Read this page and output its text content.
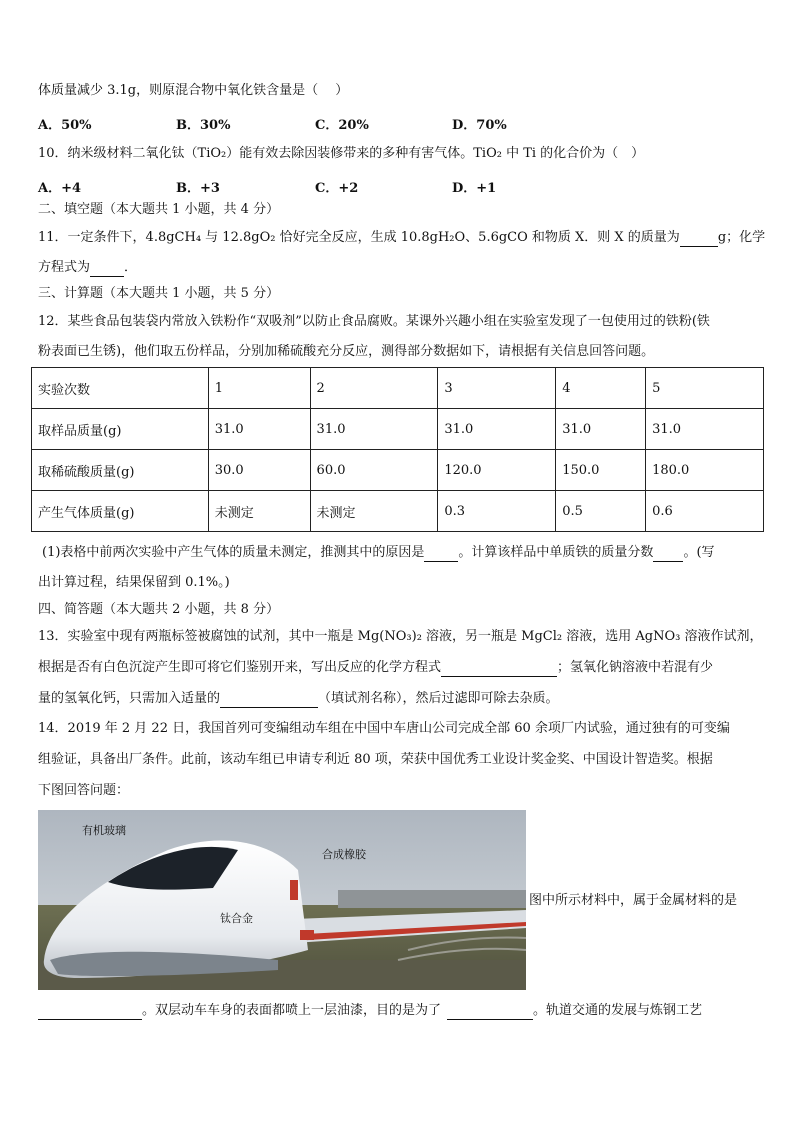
体质量减少 3.1g，则原混合物中氧化铁含量是（　 ）
A．50%	B．30%	C．20%	D．70%
10．纳米级材料二氧化钛（TiO₂）能有效去除因装修带来的多种有害气体。TiO₂ 中 Ti 的化合价为（　）
A．+4	B．+3	C．+2	D．+1
二、填空题（本大题共 1 小题，共 4 分）
11．一定条件下，4.8gCH₄ 与 12.8gO₂ 恰好完全反应，生成 10.8gH₂O、5.6gCO 和物质 X．则 X 的质量为	g；化学
方程式为	．
三、计算题（本大题共 1 小题，共 5 分）
12．某些食品包装袋内常放入铁粉作“双吸剂”以防止食品腐败。某课外兴趣小组在实验室发现了一包使用过的铁粉(铁
粉表面已生锈)，他们取五份样品，分别加稀硫酸充分反应，测得部分数据如下，请根据有关信息回答问题。
实验次数	1	2	3	4	5
取样品质量(g)	31.0	31.0	31.0	31.0	31.0
取稀硫酸质量(g)	30.0	60.0	120.0	150.0	180.0
产生气体质量(g)	未测定	未测定	0.3	0.5	0.6
(1)表格中前两次实验中产生气体的质量未测定，推测其中的原因是	。计算该样品中单质铁的质量分数 。(写
出计算过程，结果保留到 0.1%。)
四、简答题（本大题共 2 小题，共 8 分）
13．实验室中现有两瓶标签被腐蚀的试剂，其中一瓶是 Mg(NO₃)₂ 溶液，另一瓶是 MgCl₂ 溶液，选用 AgNO₃ 溶液作试剂，
根据是否有白色沉淀产生即可将它们鉴别开来，写出反应的化学方程式	；氢氧化钠溶液中若混有少
量的氢氧化钙，只需加入适量的	（填试剂名称），然后过滤即可除去杂质。
14．2019 年 2 月 22 日，我国首列可变编组动车组在中国中车唐山公司完成全部 60 余项厂内试验，通过独有的可变编
组验证，具备出厂条件。此前，该动车组已申请专利近 80 项，荣获中国优秀工业设计奖金奖、中国设计智造奖。根据
下图回答问题：
有机玻璃
合成橡胶
钛合金
图中所示材料中，属于金属材料的是
。双层动车车身的表面都喷上一层油漆，目的是为了	。轨道交通的发展与炼钢工艺
